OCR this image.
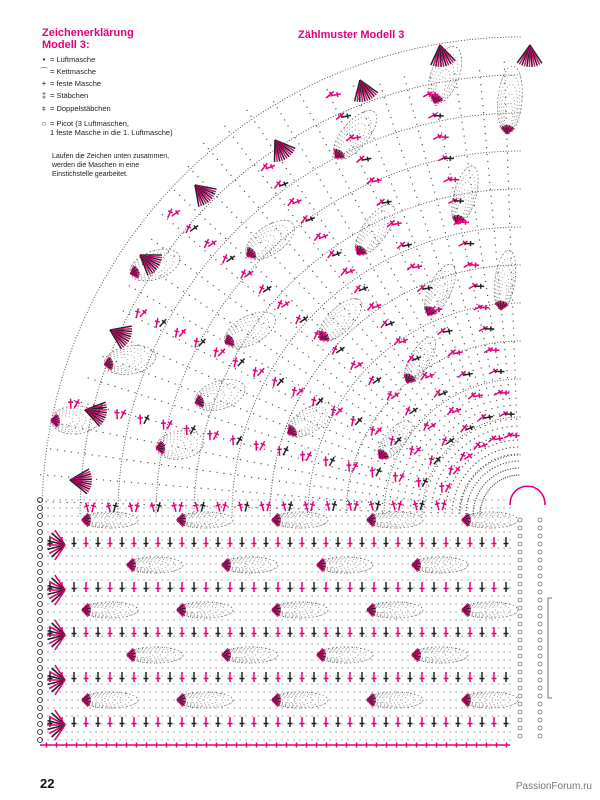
Zeichenerklärung
Modell 3:
• = Luftmasche
⌒ = Kettmasche
+ = feste Masche
‡ = Stäbchen
⧧ = Doppelstäbchen
○ = Picot (3 Luftmaschen,
1 feste Masche in die 1. Luftmasche)

Laufen die Zeichen unten zusammen, werden die Maschen in eine Einstichstelle gearbeitet.

Zählmuster Modell 3
22	PassionForum.ru
